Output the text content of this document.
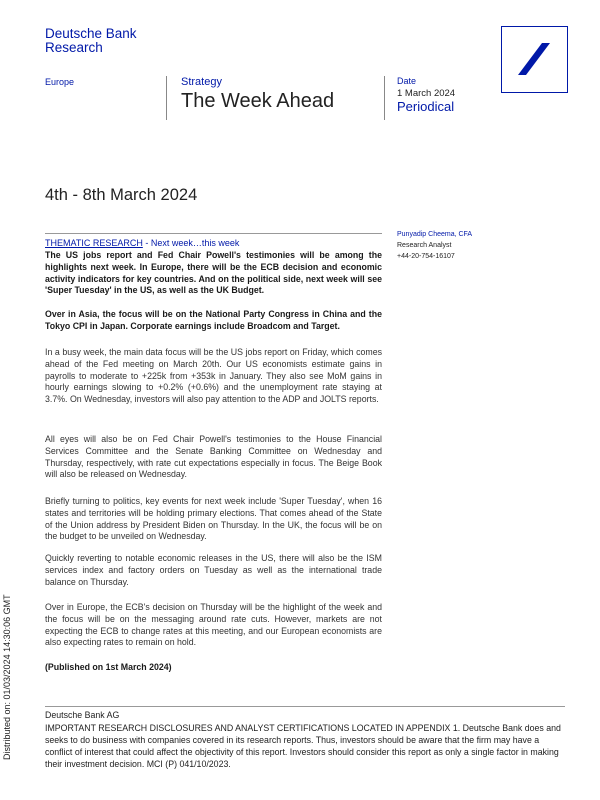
Deutsche Bank
Research
Europe	Strategy
The Week Ahead
Date
1 March 2024
Periodical
4th - 8th March 2024
THEMATIC RESEARCH - Next week…this week
Punyadip Cheema, CFA
Research Analyst
+44-20-754-16107
The US jobs report and Fed Chair Powell's testimonies will be among the highlights next week. In Europe, there will be the ECB decision and economic activity indicators for key countries. And on the political side, next week will see 'Super Tuesday' in the US, as well as the UK Budget.
Over in Asia, the focus will be on the National Party Congress in China and the Tokyo CPI in Japan. Corporate earnings include Broadcom and Target.
In a busy week, the main data focus will be the US jobs report on Friday, which comes ahead of the Fed meeting on March 20th. Our US economists estimate gains in payrolls to moderate to +225k from +353k in January. They also see MoM gains in hourly earnings slowing to +0.2% (+0.6%) and the unemployment rate staying at 3.7%. On Wednesday, investors will also pay attention to the ADP and JOLTS reports.
All eyes will also be on Fed Chair Powell's testimonies to the House Financial Services Committee and the Senate Banking Committee on Wednesday and Thursday, respectively, with rate cut expectations especially in focus. The Beige Book will also be released on Wednesday.
Briefly turning to politics, key events for next week include 'Super Tuesday', when 16 states and territories will be holding primary elections. That comes ahead of the State of the Union address by President Biden on Thursday. In the UK, the focus will be on the budget to be unveiled on Wednesday.
Quickly reverting to notable economic releases in the US, there will also be the ISM services index and factory orders on Tuesday as well as the international trade balance on Thursday.
Over in Europe, the ECB's decision on Thursday will be the highlight of the week and the focus will be on the messaging around rate cuts. However, markets are not expecting the ECB to change rates at this meeting, and our European economists are also expecting rates to remain on hold.
(Published on 1st March 2024)
Deutsche Bank AG
IMPORTANT RESEARCH DISCLOSURES AND ANALYST CERTIFICATIONS LOCATED IN APPENDIX 1. Deutsche Bank does and seeks to do business with companies covered in its research reports. Thus, investors should be aware that the firm may have a conflict of interest that could affect the objectivity of this report. Investors should consider this report as only a single factor in making their investment decision. MCI (P) 041/10/2023.
Distributed on: 01/03/2024 14:30:06 GMT
